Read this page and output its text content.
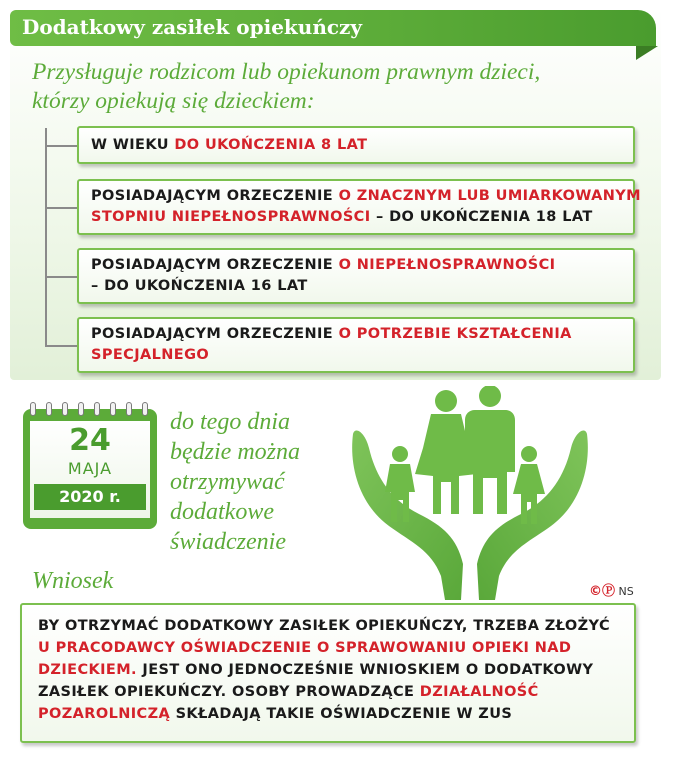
Dodatkowy zasiłek opiekuńczy
Przysługuje rodzicom lub opiekunom prawnym dzieci,
którzy opiekują się dzieckiem:
W WIEKU DO UKOŃCZENIA 8 LAT
POSIADAJĄCYM ORZECZENIE O ZNACZNYM LUB UMIARKOWANYM
STOPNIU NIEPEŁNOSPRAWNOŚCI – DO UKOŃCZENIA 18 LAT
POSIADAJĄCYM ORZECZENIE O NIEPEŁNOSPRAWNOŚCI
– DO UKOŃCZENIA 16 LAT
POSIADAJĄCYM ORZECZENIE O POTRZEBIE KSZTAŁCENIA
SPECJALNEGO
24
MAJA
2020 r.
do tego dnia
będzie można
otrzymywać
dodatkowe
świadczenie
Wniosek	©Ⓟ NS
BY OTRZYMAĆ DODATKOWY ZASIŁEK OPIEKUŃCZY, TRZEBA ZŁOŻYĆ
U PRACODAWCY OŚWIADCZENIE O SPRAWOWANIU OPIEKI NAD
DZIECKIEM. JEST ONO JEDNOCZEŚNIE WNIOSKIEM O DODATKOWY
ZASIŁEK OPIEKUŃCZY. OSOBY PROWADZĄCE DZIAŁALNOŚĆ
POZAROLNICZĄ SKŁADAJĄ TAKIE OŚWIADCZENIE W ZUS
